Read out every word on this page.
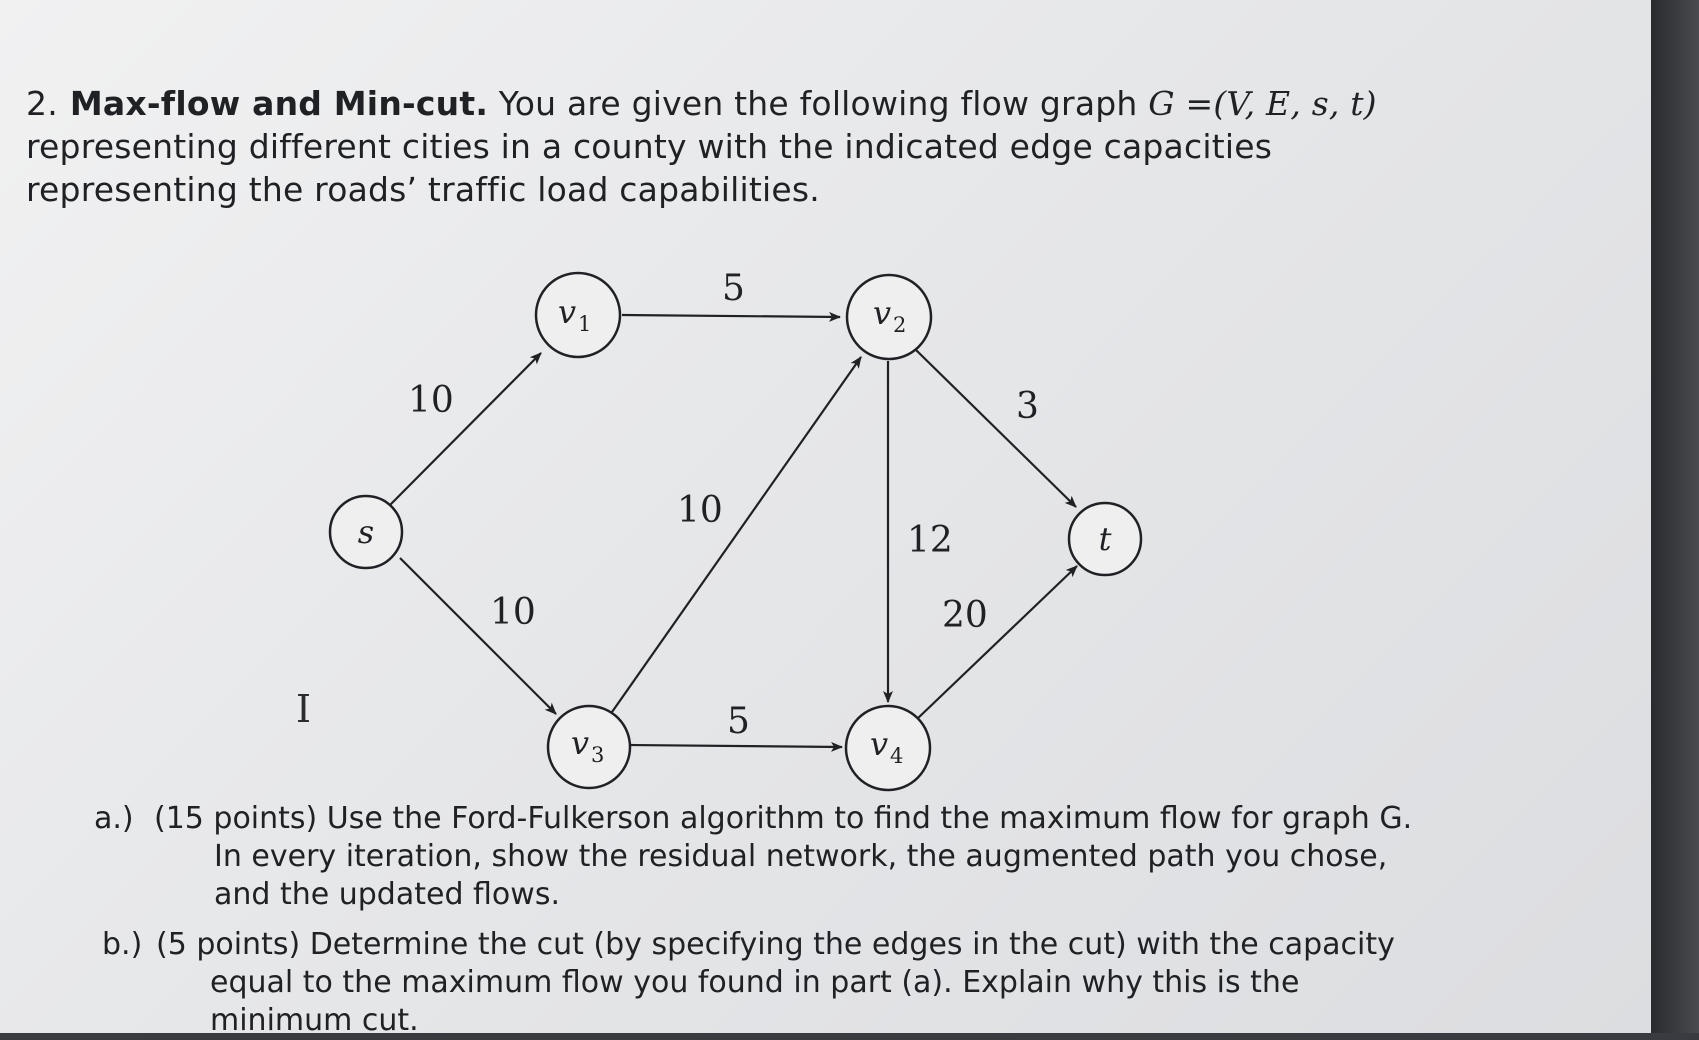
2. Max-flow and Min-cut. You are given the following flow graph G =(V, E, s, t) representing different cities in a county with the indicated edge capacities representing the roads’ traffic load capabilities.
10
10
5
10
12
3
5
20
s
v 1	v 2
v 3	v 4
t
I
a.) (15 points) Use the Ford-Fulkerson algorithm to find the maximum flow for graph G. In every iteration, show the residual network, the augmented path you chose, and the updated flows.
b.) (5 points) Determine the cut (by specifying the edges in the cut) with the capacity equal to the maximum flow you found in part (a). Explain why this is the minimum cut.
